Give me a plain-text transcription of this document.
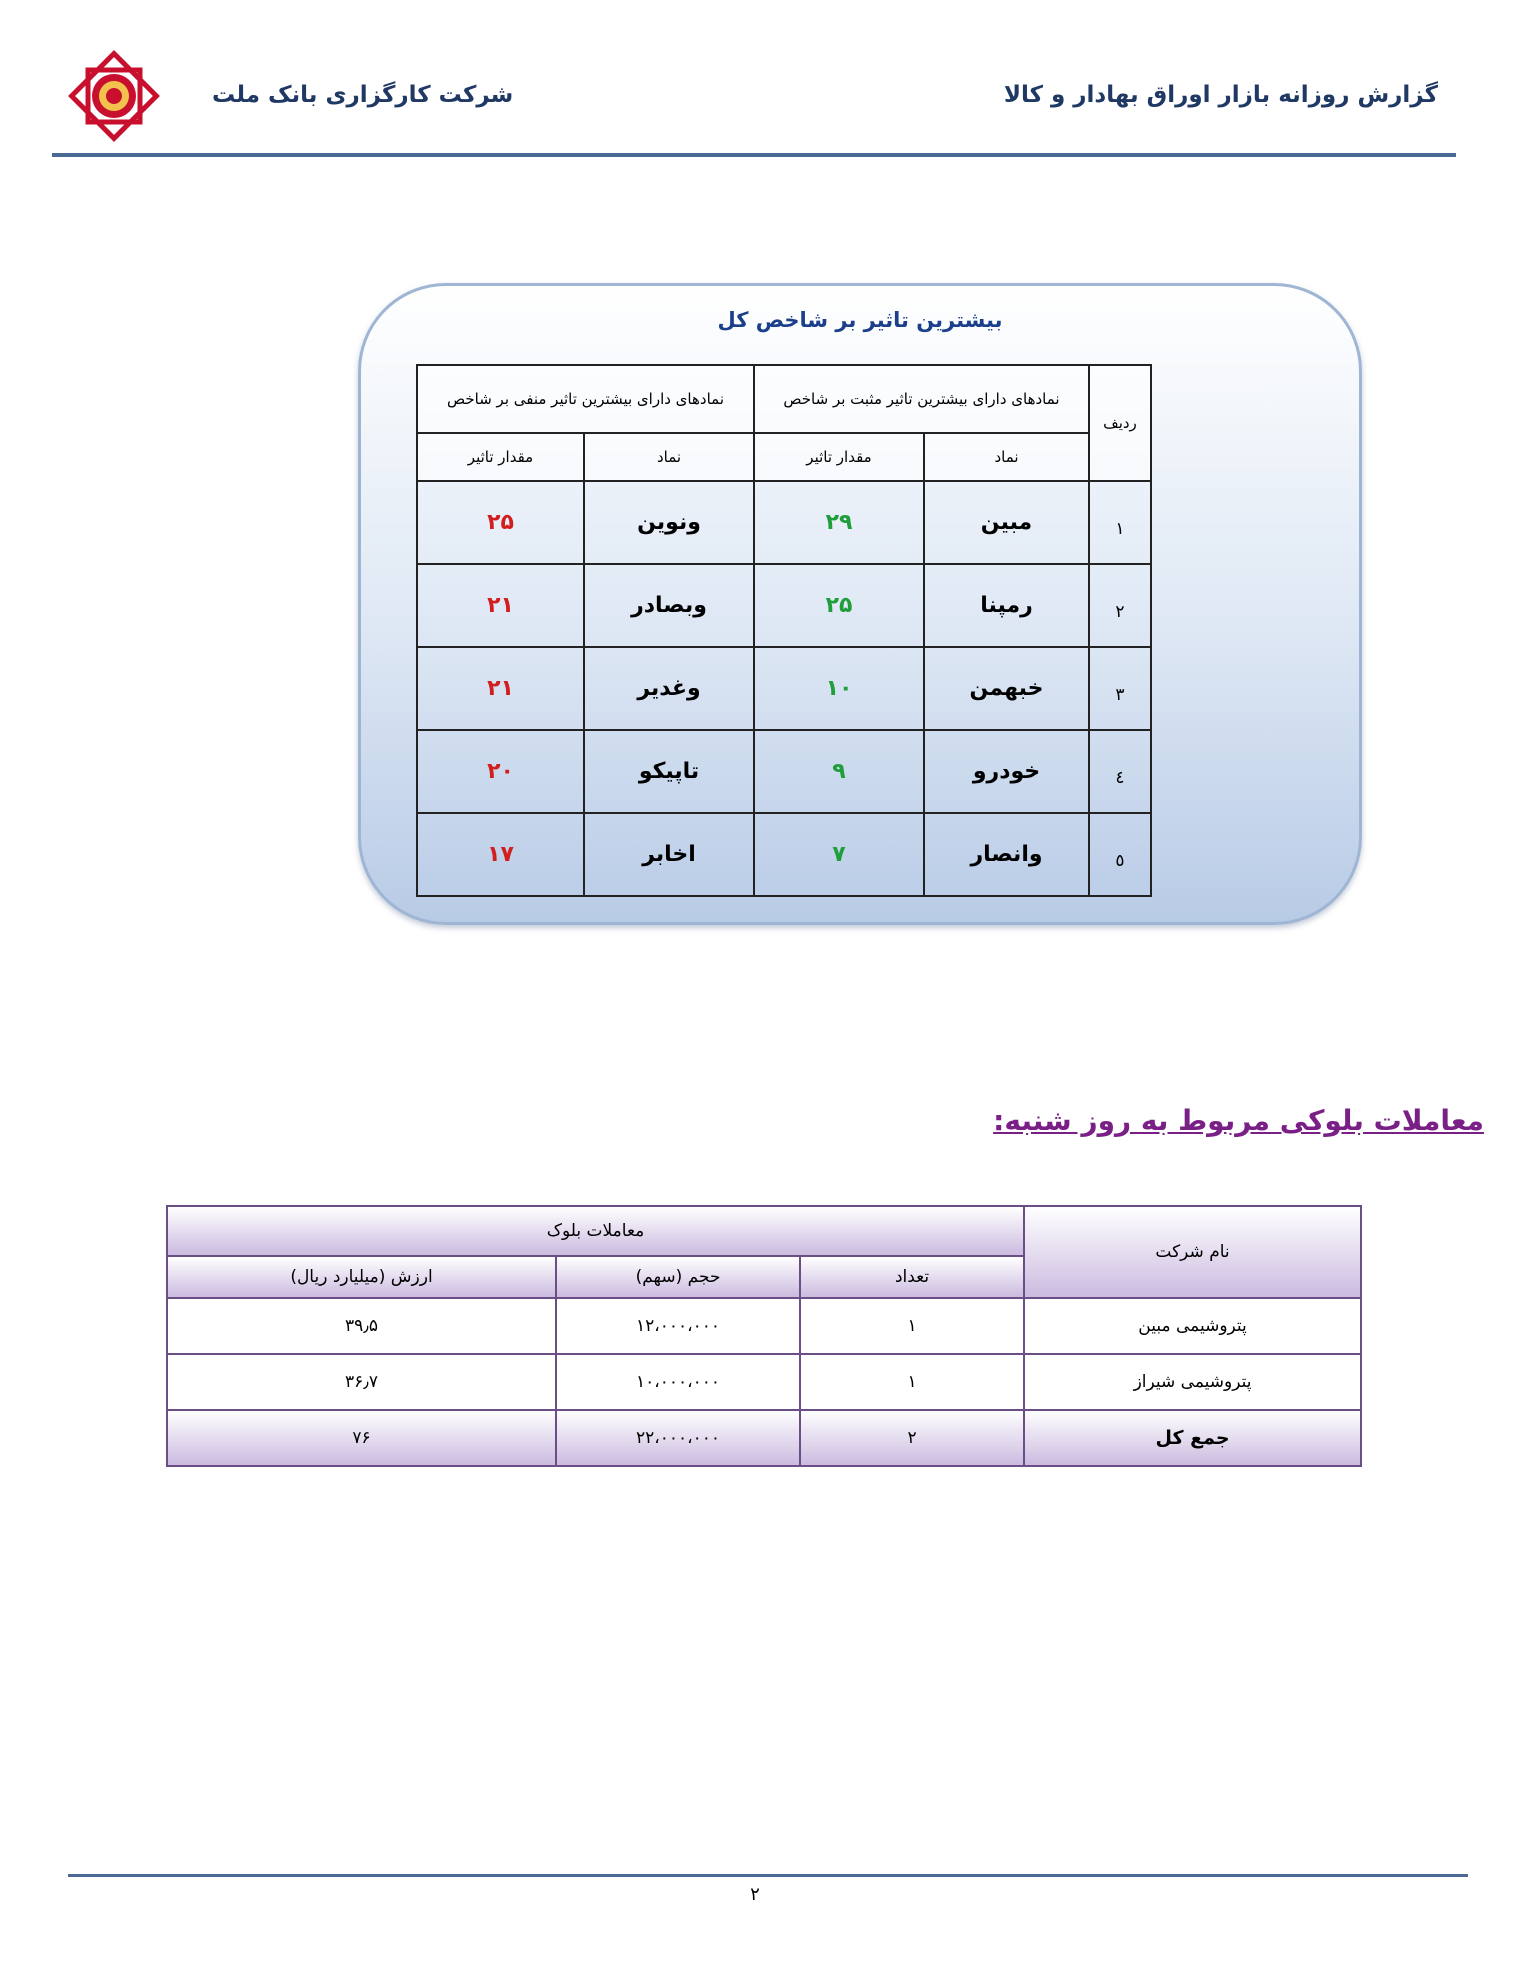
گزارش روزانه بازار اوراق بهادار و کالا
شرکت کارگزاری بانک ملت
بیشترین تاثیر بر شاخص کل
ردیف	نمادهای دارای بیشترین تاثیر مثبت بر شاخص		نمادهای دارای بیشترین تاثیر منفی بر شاخص	
	نماد	مقدار تاثیر	نماد	مقدار تاثیر
۱	مبین	۲۹	ونوین	۲۵
۲	رمپنا	۲۵	وبصادر	۲۱
۳	خبهمن	۱۰	وغدیر	۲۱
٤	خودرو	۹	تاپیکو	۲۰
٥	وانصار	۷	اخابر	۱۷
معاملات بلوکی مربوط به روز شنبه:
نام شرکت	معاملات بلوک		
	تعداد	حجم (سهم)	ارزش (میلیارد ریال)
پتروشیمی مبین	۱	۱۲،۰۰۰،۰۰۰	۳۹٫۵
پتروشیمی شیراز	۱	۱۰،۰۰۰،۰۰۰	۳۶٫۷
جمع کل	۲	۲۲،۰۰۰،۰۰۰	۷۶
۲
